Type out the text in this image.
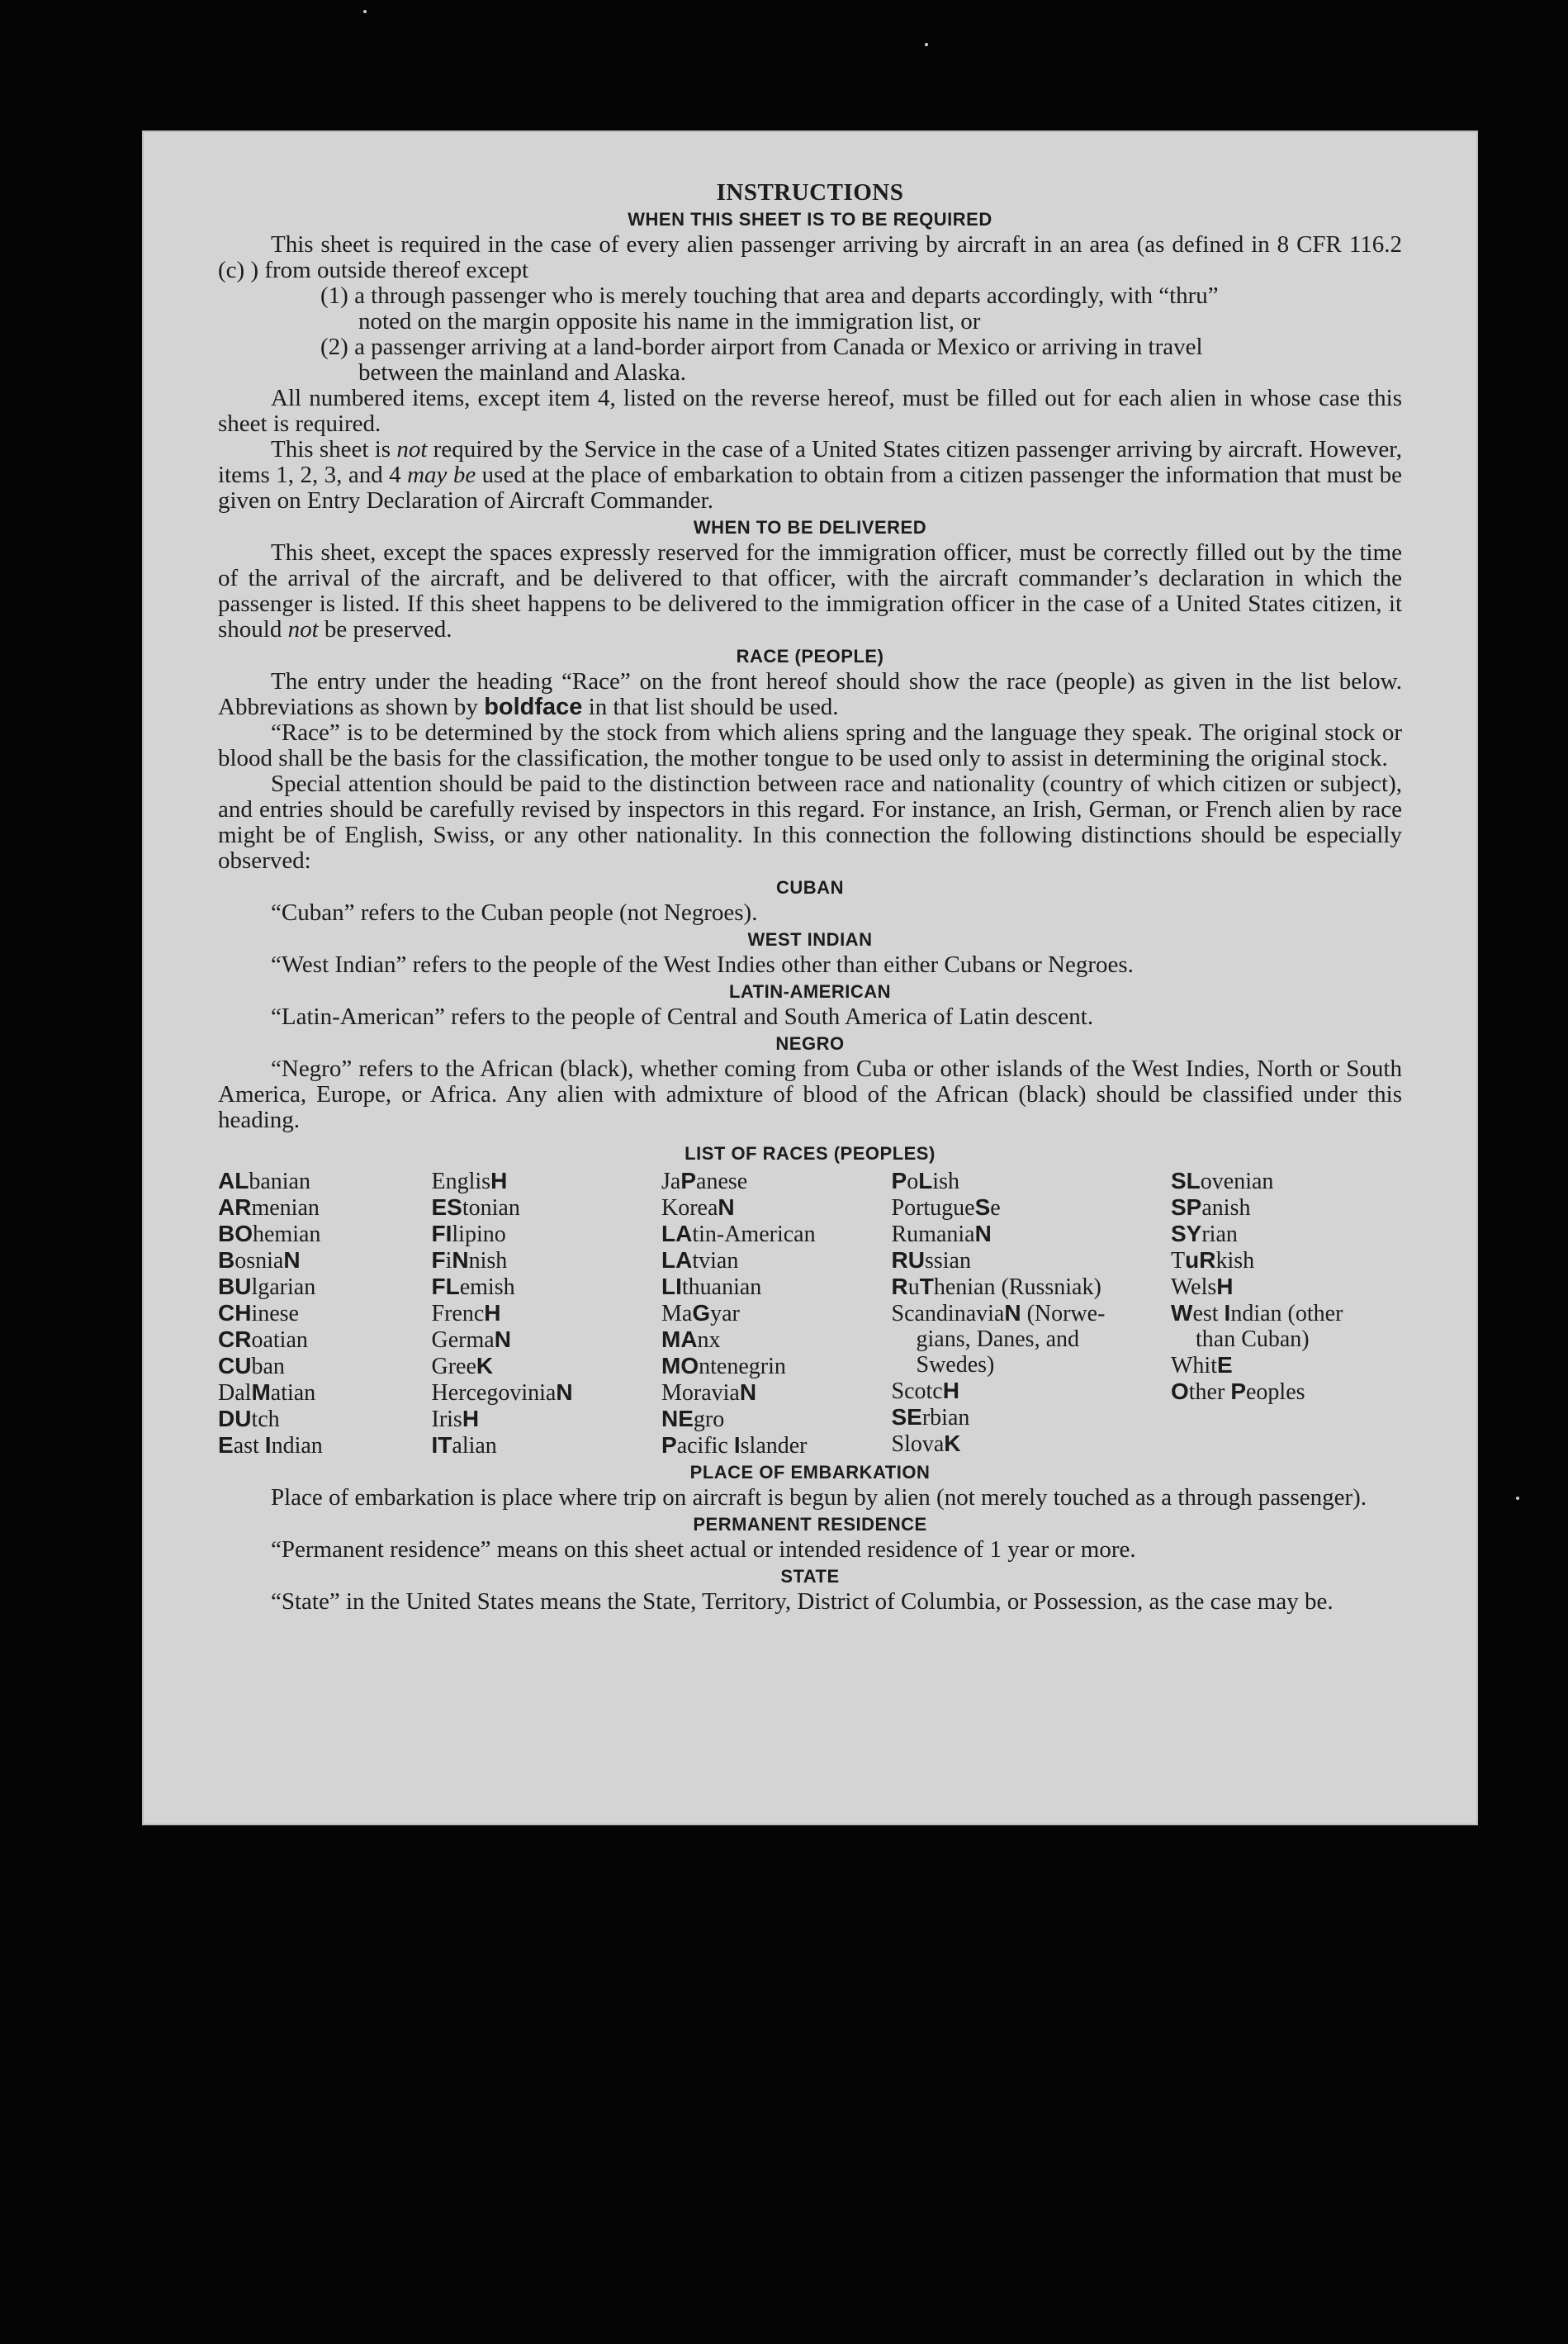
INSTRUCTIONS
WHEN THIS SHEET IS TO BE REQUIRED

This sheet is required in the case of every alien passenger arriving by aircraft in an area (as defined in 8 CFR 116.2 (c) ) from outside thereof except

(1) a through passenger who is merely touching that area and departs accordingly, with “thru”
noted on the margin opposite his name in the immigration list, or
(2) a passenger arriving at a land-border airport from Canada or Mexico or arriving in travel
between the mainland and Alaska.

All numbered items, except item 4, listed on the reverse hereof, must be filled out for each alien in whose case this sheet is required.

This sheet is not required by the Service in the case of a United States citizen passenger arriving by aircraft. However, items 1, 2, 3, and 4 may be used at the place of embarkation to obtain from a citizen passenger the information that must be given on Entry Declaration of Aircraft Commander.

WHEN TO BE DELIVERED

This sheet, except the spaces expressly reserved for the immigration officer, must be correctly filled out by the time of the arrival of the aircraft, and be delivered to that officer, with the aircraft commander’s declaration in which the passenger is listed. If this sheet happens to be delivered to the immigration officer in the case of a United States citizen, it should not be preserved.

RACE (PEOPLE)

The entry under the heading “Race” on the front hereof should show the race (people) as given in the list below. Abbreviations as shown by boldface in that list should be used.

“Race” is to be determined by the stock from which aliens spring and the language they speak. The original stock or blood shall be the basis for the classification, the mother tongue to be used only to assist in determining the original stock.

Special attention should be paid to the distinction between race and nationality (country of which citizen or subject), and entries should be carefully revised by inspectors in this regard. For instance, an Irish, German, or French alien by race might be of English, Swiss, or any other nationality. In this connection the following distinctions should be especially observed:

CUBAN

“Cuban” refers to the Cuban people (not Negroes).

WEST INDIAN

“West Indian” refers to the people of the West Indies other than either Cubans or Negroes.

LATIN-AMERICAN

“Latin-American” refers to the people of Central and South America of Latin descent.

NEGRO

“Negro” refers to the African (black), whether coming from Cuba or other islands of the West Indies, North or South America, Europe, or Africa. Any alien with admixture of blood of the African (black) should be classified under this heading.

LIST OF RACES (PEOPLES)
ALbanian
ARmenian
BOhemian
BosniaN
BUlgarian
CHinese
CRoatian
CUban
DalMatian
DUtch
East Indian
EnglisH
EStonian
FIlipino
FiNnish
FLemish
FrencH
GermaN
GreeK
HercegoviniaN
IrisH
ITalian
JaPanese
KoreaN
LAtin-American
LAtvian
LIthuanian
MaGyar
MAnx
MOntenegrin
MoraviaN
NEgro
Pacific Islander
PoLish
PortugueSe
RumaniaN
RUssian
RuThenian (Russniak)
ScandinaviaN (Norwe-
gians, Danes, and
Swedes)
ScotcH
SErbian
SlovaK
SLovenian
SPanish
SYrian
TuRkish
WelsH
West Indian (other
than Cuban)
WhitE
Other Peoples
PLACE OF EMBARKATION

Place of embarkation is place where trip on aircraft is begun by alien (not merely touched as a through passenger).

PERMANENT RESIDENCE

“Permanent residence” means on this sheet actual or intended residence of 1 year or more.

STATE

“State” in the United States means the State, Territory, District of Columbia, or Possession, as the case may be.
